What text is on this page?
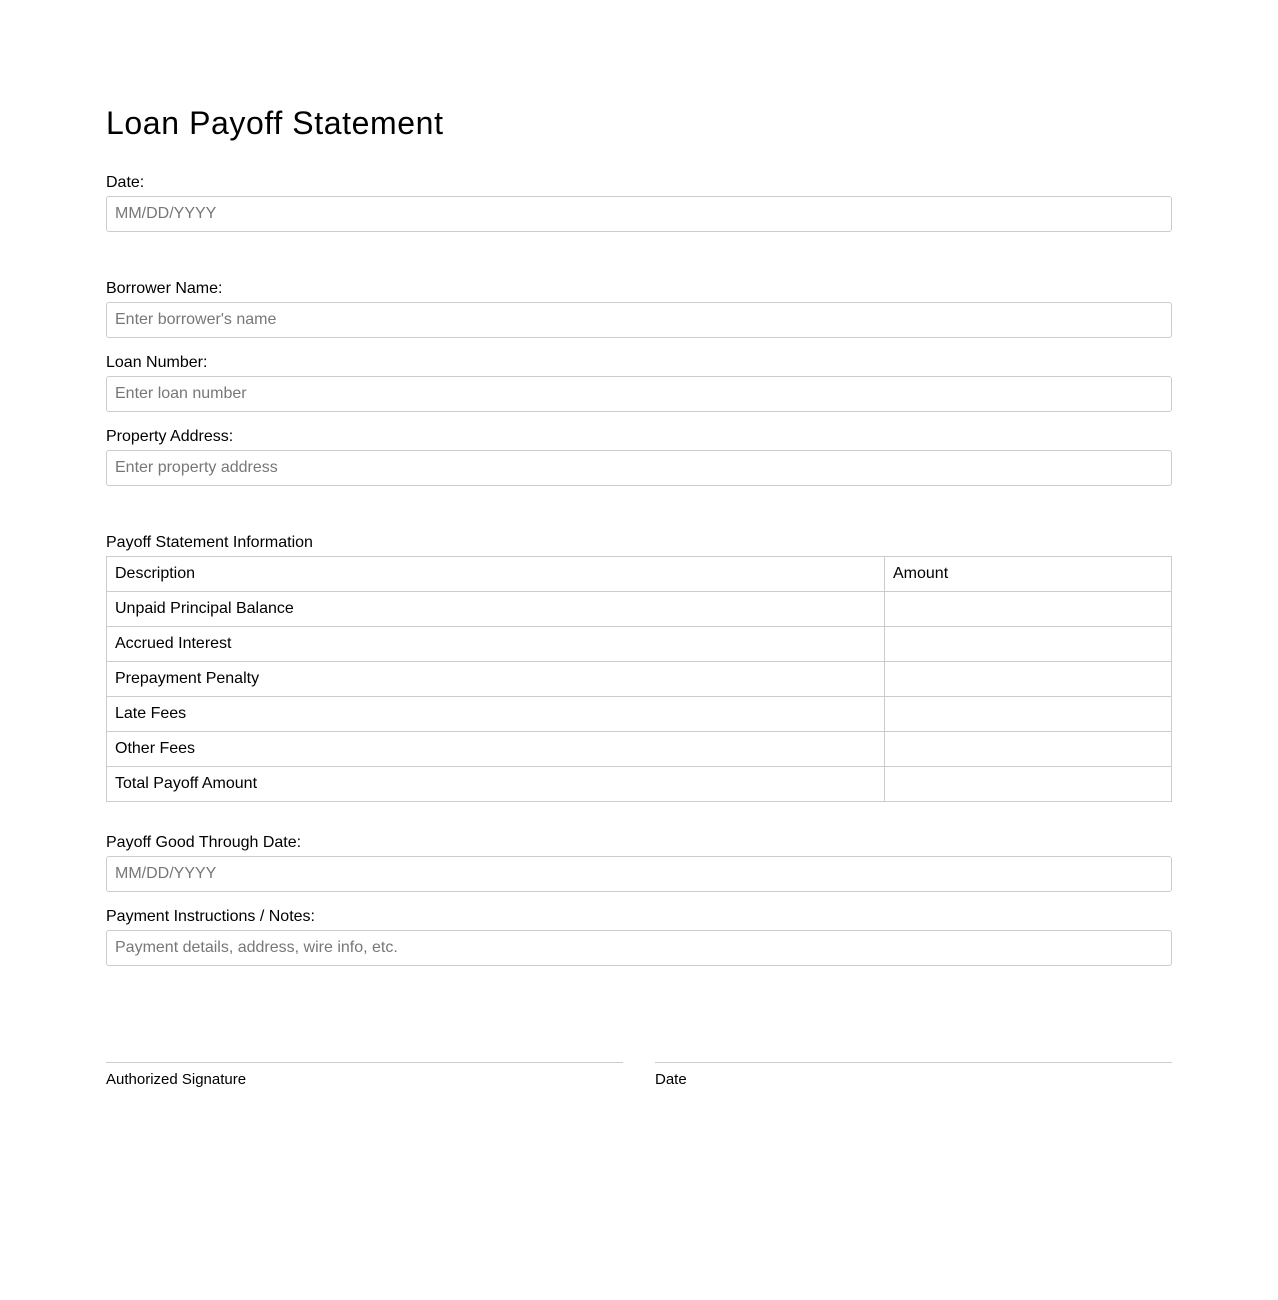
Loan Payoff Statement
Date:
MM/DD/YYYY
Borrower Name:
Enter borrower's name
Loan Number:
Enter loan number
Property Address:
Enter property address
Payoff Statement Information
Description	Amount
Unpaid Principal Balance	
Accrued Interest	
Prepayment Penalty	
Late Fees	
Other Fees	
Total Payoff Amount	
Payoff Good Through Date:
MM/DD/YYYY
Payment Instructions / Notes:
Payment details, address, wire info, etc.
Authorized Signature	Date
